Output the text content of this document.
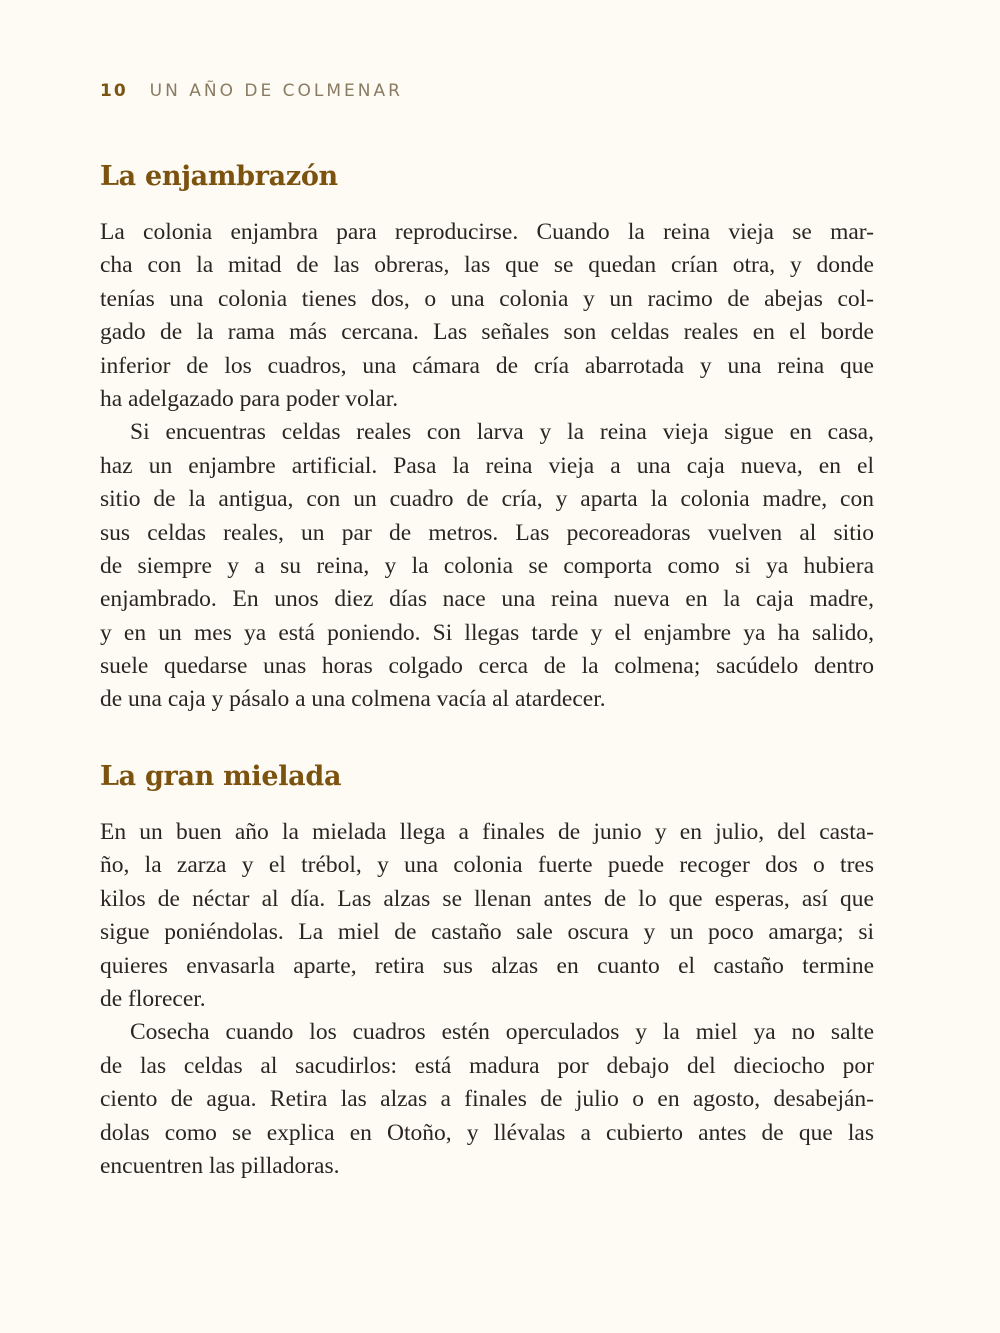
10 UN AÑO DE COLMENAR
La enjambrazón
La colonia enjambra para reproducirse. Cuando la reina vieja se mar-
cha con la mitad de las obreras, las que se quedan crían otra, y donde
tenías una colonia tienes dos, o una colonia y un racimo de abejas col-
gado de la rama más cercana. Las señales son celdas reales en el borde
inferior de los cuadros, una cámara de cría abarrotada y una reina que
ha adelgazado para poder volar.
Si encuentras celdas reales con larva y la reina vieja sigue en casa,
haz un enjambre artificial. Pasa la reina vieja a una caja nueva, en el
sitio de la antigua, con un cuadro de cría, y aparta la colonia madre, con
sus celdas reales, un par de metros. Las pecoreadoras vuelven al sitio
de siempre y a su reina, y la colonia se comporta como si ya hubiera
enjambrado. En unos diez días nace una reina nueva en la caja madre,
y en un mes ya está poniendo. Si llegas tarde y el enjambre ya ha salido,
suele quedarse unas horas colgado cerca de la colmena; sacúdelo dentro
de una caja y pásalo a una colmena vacía al atardecer.
La gran mielada
En un buen año la mielada llega a finales de junio y en julio, del casta-
ño, la zarza y el trébol, y una colonia fuerte puede recoger dos o tres
kilos de néctar al día. Las alzas se llenan antes de lo que esperas, así que
sigue poniéndolas. La miel de castaño sale oscura y un poco amarga; si
quieres envasarla aparte, retira sus alzas en cuanto el castaño termine
de florecer.
Cosecha cuando los cuadros estén operculados y la miel ya no salte
de las celdas al sacudirlos: está madura por debajo del dieciocho por
ciento de agua. Retira las alzas a finales de julio o en agosto, desabeján-
dolas como se explica en Otoño, y llévalas a cubierto antes de que las
encuentren las pilladoras.
